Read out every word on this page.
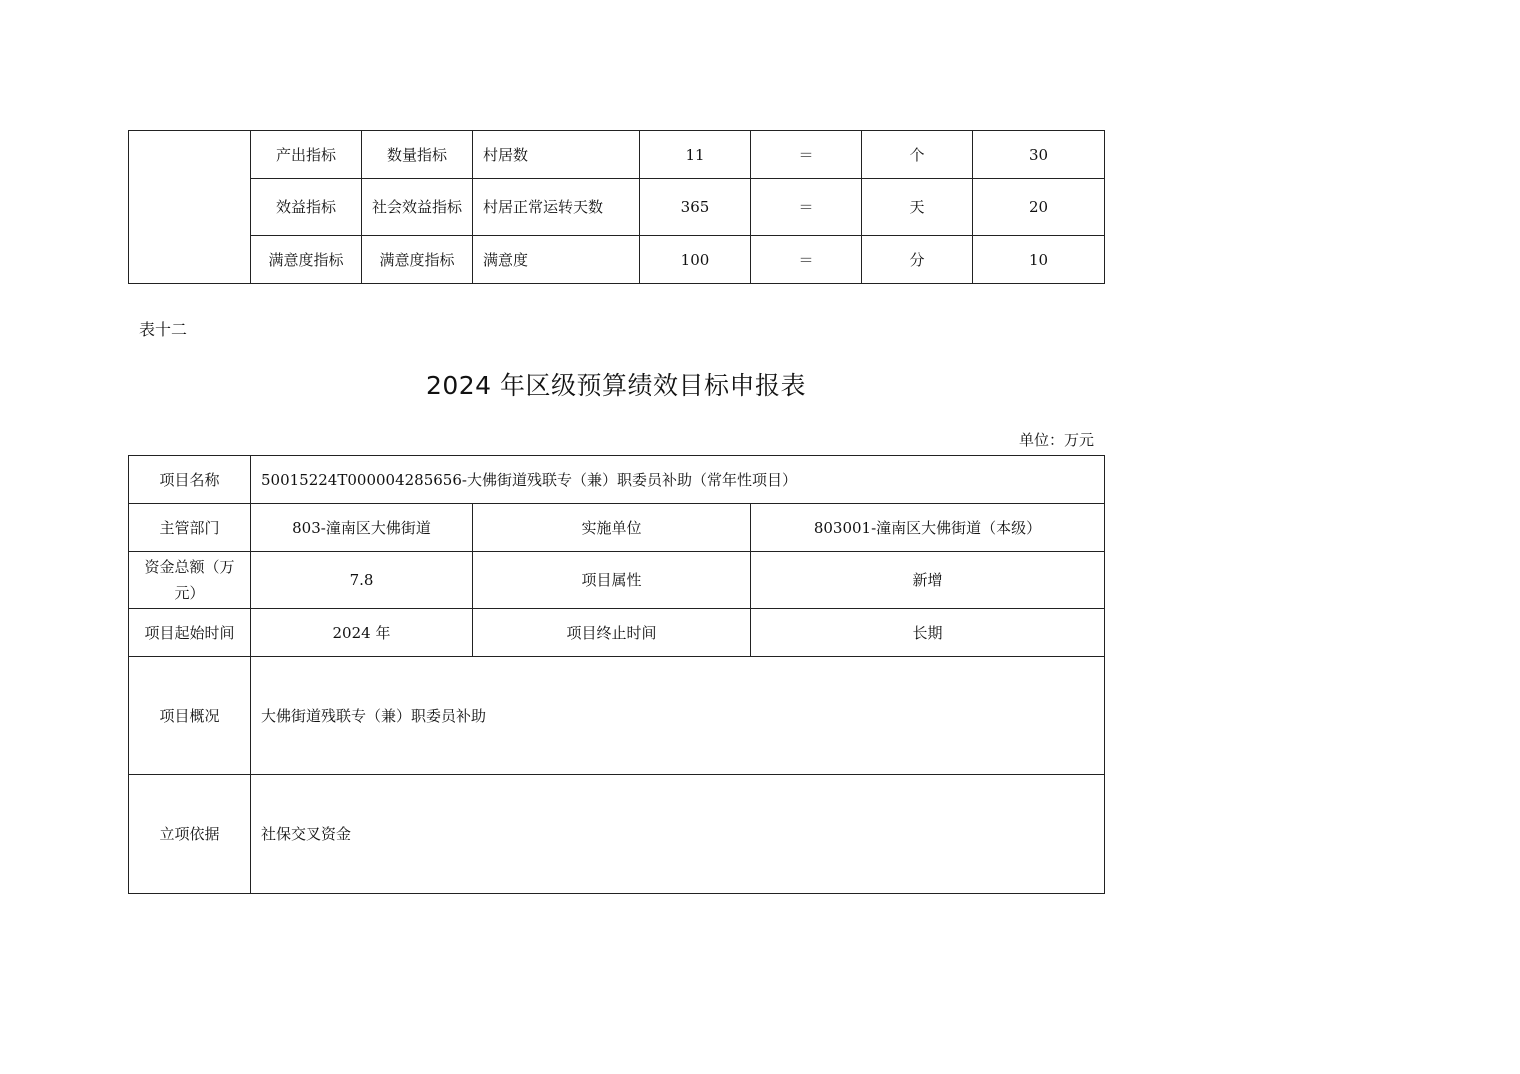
	产出指标	数量指标	村居数	11	＝	个	30
	效益指标	社会效益指标	村居正常运转天数	365	＝	天	20
	满意度指标	满意度指标	满意度	100	＝	分	10
表十二
2024 年区级预算绩效目标申报表
单位：万元
项目名称	50015224T000004285656-大佛街道残联专（兼）职委员补助（常年性项目）		
主管部门	803-潼南区大佛街道	实施单位	803001-潼南区大佛街道（本级）
资金总额（万元）	7.8	项目属性	新增
项目起始时间	2024 年	项目终止时间	长期
项目概况	大佛街道残联专（兼）职委员补助		
立项依据	社保交叉资金		
